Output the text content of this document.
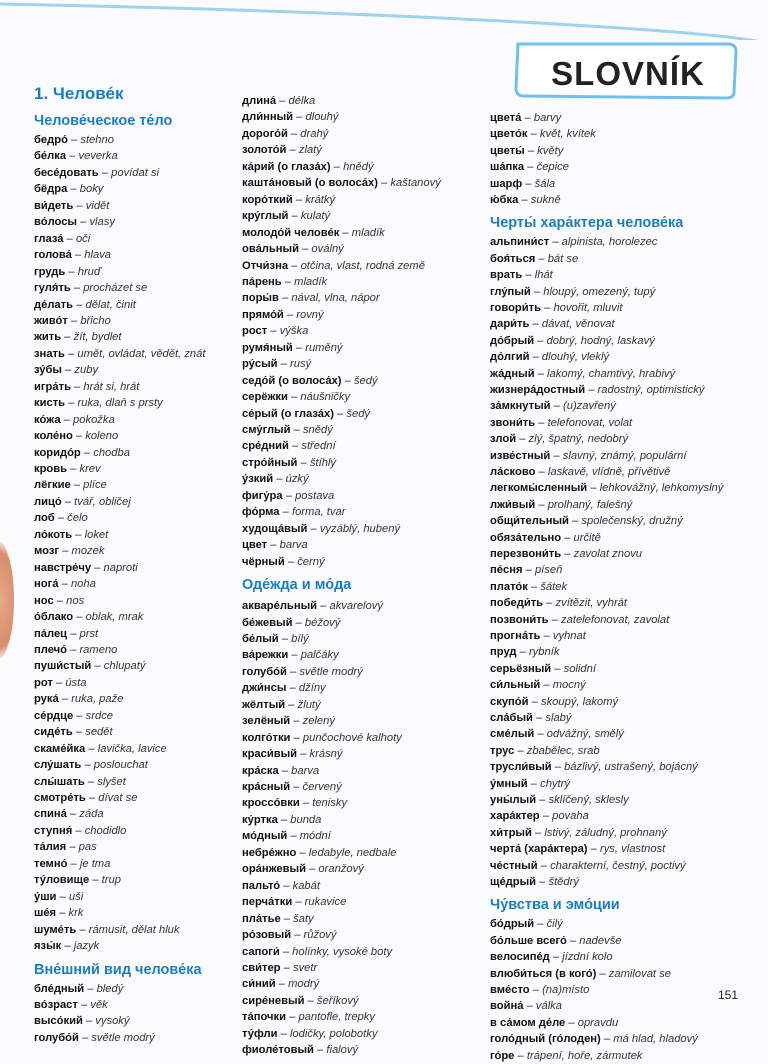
SLOVNÍK
1. Челове́к
Челове́ческое те́ло
бедро́ – stehno
бе́лка – veverka
бесе́довать – povídat si
бёдра – boky
ви́деть – vidět
во́лосы – vlasy
глаза́ – oči
голова́ – hlava
грудь – hruď
гуля́ть – procházet se
де́лать – dělat, činit
живо́т – břicho
жить – žít, bydlet
знать – umět, ovládat, vědět, znát
зу́бы – zuby
игра́ть – hrát si, hrát
кисть – ruka, dlaň s prsty
ко́жа – pokožka
коле́но – koleno
коридо́р – chodba
кровь – krev
лёгкие – plíce
лицо́ – tvář, obličej
лоб – čelo
ло́коть – loket
мозг – mozek
навстре́чу – naproti
нога́ – noha
нос – nos
о́блако – oblak, mrak
па́лец – prst
плечо́ – rameno
пуши́стый – chlupatý
рот – ústa
рука́ – ruka, paže
се́рдце – srdce
сиде́ть – sedět
скаме́йка – lavička, lavice
слу́шать – poslouchat
слы́шать – slyšet
смотре́ть – dívat se
спина́ – záda
ступня́ – chodidlo
та́лия – pas
темно́ – je tma
ту́ловище – trup
у́ши – uši
ше́я – krk
шуме́ть – rámusit, dělat hluk
язы́к – jazyk
Вне́шний вид челове́ка
бле́дный – bledý
во́зраст – věk
высо́кий – vysoký
голубо́й – světle modrý
длина́ – délka
дли́нный – dlouhý
дорого́й – drahý
золото́й – zlatý
ка́рий (о глаза́х) – hnědý
кашта́новый (о волоса́х) – kaštanový
коро́ткий – krátký
кру́глый – kulatý
молодо́й челове́к – mladík
ова́льный – oválný
Отчи́зна – otčina, vlast, rodná země
па́рень – mladík
поры́в – nával, vlna, nápor
прямо́й – rovný
рост – výška
румя́ный – ruměný
ру́сый – rusý
седо́й (о волоса́х) – šedý
серёжки – náušničky
се́рый (о глаза́х) – šedý
сму́глый – snědý
сре́дний – střední
стро́йный – štíhlý
у́зкий – úzký
фигу́ра – postava
фо́рма – forma, tvar
худоща́вый – vyzáblý, hubený
цвет – barva
чёрный – černý
Оде́жда и мо́да
акваре́льный – akvarelový
бе́жевый – béžový
бе́лый – bílý
ва́режки – palčáky
голубо́й – světle modrý
джи́нсы – džíny
жёлтый – žlutý
зелёный – zelený
колго́тки – punčochové kalhoty
краси́вый – krásný
кра́ска – barva
кра́сный – červený
кроссо́вки – tenisky
ку́ртка – bunda
мо́дный – módní
небре́жно – ledabyle, nedbale
ора́нжевый – oranžový
пальто́ – kabát
перча́тки – rukavice
пла́тье – šaty
ро́зовый – růžový
сапоги́ – holínky, vysoké boty
сви́тер – svetr
си́ний – modrý
сире́невый – šeříkový
та́почки – pantofle, trepky
ту́фли – lodičky, polobotky
фиоле́товый – fialový
цвета́ – barvy
цвето́к – květ, kvítek
цветы́ – květy
ша́пка – čepice
шарф – šála
ю́бка – sukně
Черты́ хара́ктера челове́ка
альпини́ст – alpinista, horolezec
боя́ться – bát se
врать – lhát
глу́пый – hloupý, omezený, tupý
говори́ть – hovořit, mluvit
дари́ть – dávat, věnovat
до́брый – dobrý, hodný, laskavý
до́лгий – dlouhý, vleklý
жа́дный – lakomý, chamtivý, hrabivý
жизнера́достный – radostný, optimistický
за́мкнутый – (u)zavřený
звони́ть – telefonovat, volat
злой – zlý, špatný, nedobrý
изве́стный – slavný, známý, populární
ла́сково – laskavě, vlídně, přívětivě
легкомы́сленный – lehkovážný, lehkomyslný
лжи́вый – prolhaný, falešný
общи́тельный – společenský, družný
обяза́тельно – určitě
перезвони́ть – zavolat znovu
пе́сня – píseň
плато́к – šátek
победи́ть – zvítězit, vyhrát
позвони́ть – zatelefonovat, zavolat
прогна́ть – vyhnat
пруд – rybník
серьёзный – solidní
си́льный – mocný
скупо́й – skoupý, lakomý
сла́бый – slabý
сме́лый – odvážný, smělý
трус – zbabělec, srab
трусли́вый – bázlivý, ustrašený, bojácný
у́мный – chytrý
уны́лый – sklíčený, sklesly
хара́ктер – povaha
хи́трый – lstivý, záludný, prohnaný
черта́ (хара́ктера) – rys, vlastnost
че́стный – charakterní, čestný, poctivý
ще́дрый – štědrý
Чу́вства и эмо́ции
бо́дрый – čilý
бо́льше всего́ – nadevše
велосипе́д – jízdní kolo
влюби́ться (в кого́) – zamilovat se
вме́сто – (na)místo
война́ – válka
в са́мом де́ле – opravdu
голо́дный (го́лоден) – má hlad, hladový
го́ре – trápení, hoře, zármutek
151
